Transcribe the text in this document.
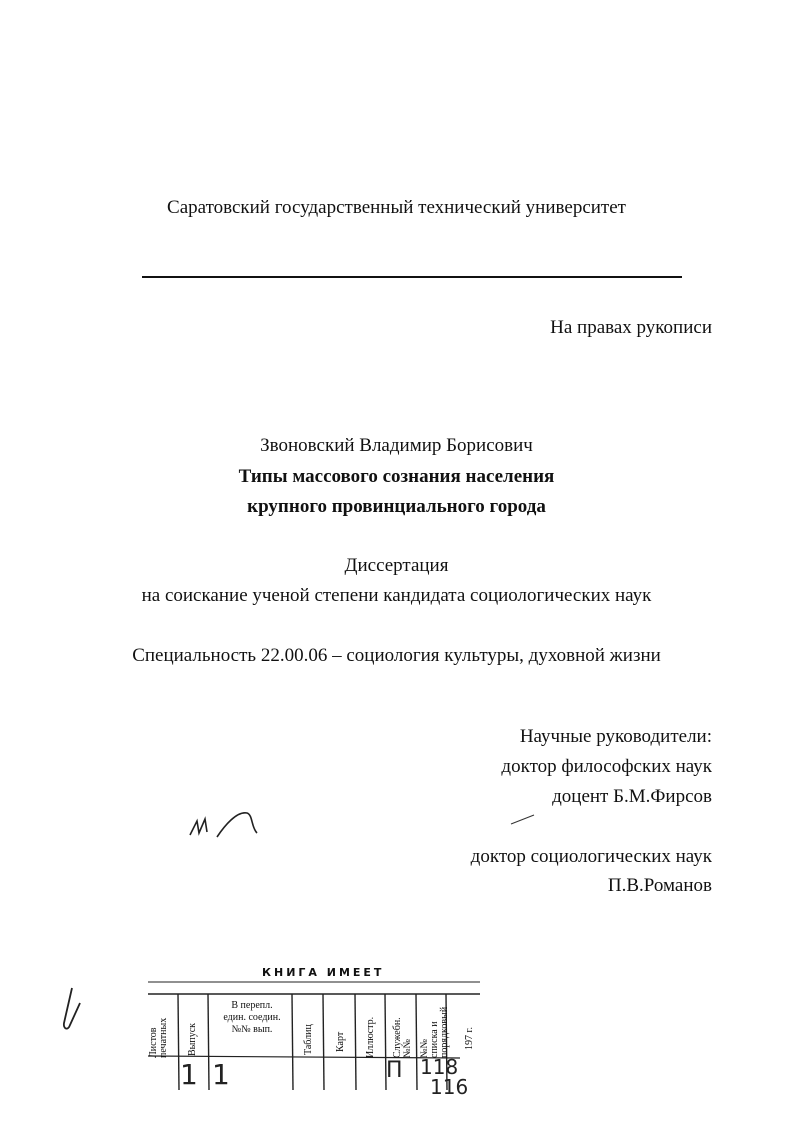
Саратовский государственный технический университет
На правах рукописи
Звоновский Владимир Борисович
Типы массового сознания населения
крупного провинциального города
Диссертация
на соискание ученой степени кандидата социологических наук
Специальность 22.00.06 – социология культуры, духовной жизни
Научные руководители:
доктор философских наук
доцент Б.М.Фирсов
доктор социологических наук
П.В.Романов
КНИГА ИМЕЕТ
Листов
печатных Выпуск
В перепл.
един. соедин.
№№ вып.	Таблиц Карт Иллюстр. Служебн.
№№ №№
списка и
порядковый 197 г.
1 1	П 118
116
